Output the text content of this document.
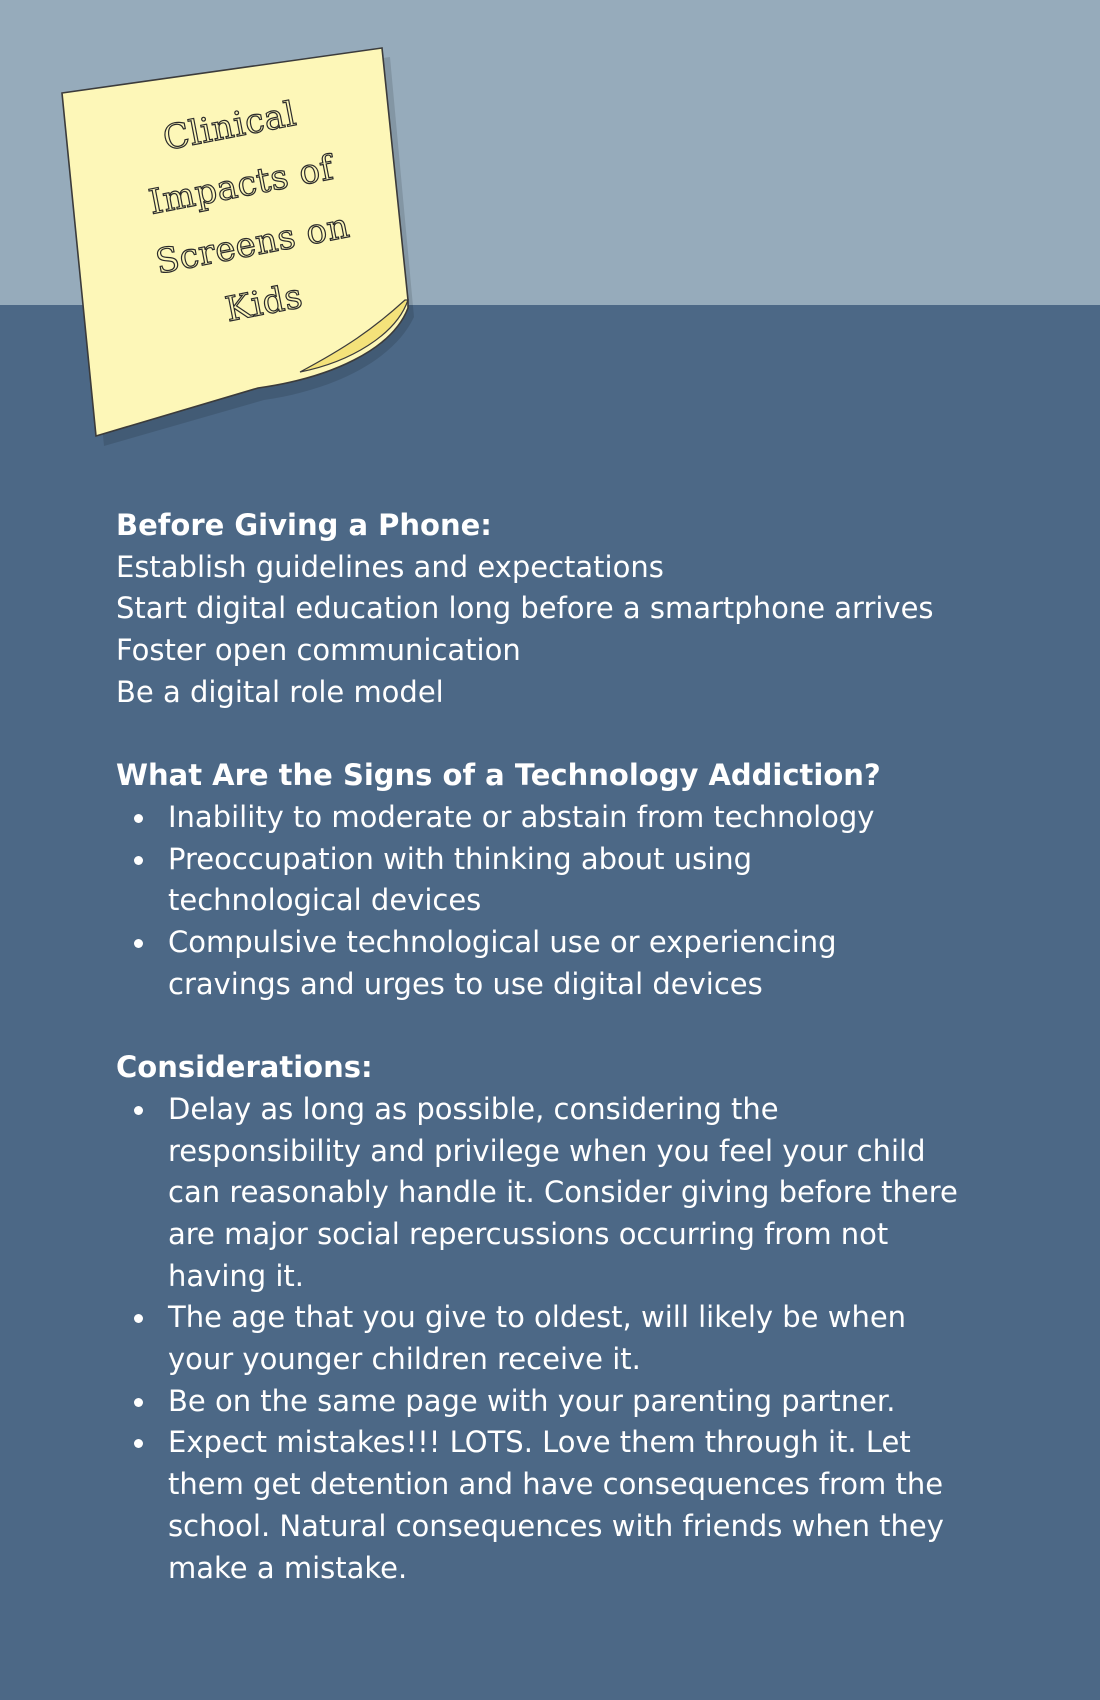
Clinical
Impacts of
Screens on
Kids

Before Giving a Phone:

Establish guidelines and expectations

Start digital education long before a smartphone arrives

Foster open communication

Be a digital role model

What Are the Signs of a Technology Addiction?

Inability to moderate or abstain from technology
Preoccupation with thinking about using technological devices
Compulsive technological use or experiencing cravings and urges to use digital devices

Considerations:

Delay as long as possible, considering the responsibility and privilege when you feel your child can reasonably handle it. Consider giving before there are major social repercussions occurring from not having it.
The age that you give to oldest, will likely be when your younger children receive it.
Be on the same page with your parenting partner.
Expect mistakes!!! LOTS. Love them through it. Let them get detention and have consequences from the school. Natural consequences with friends when they make a mistake.
